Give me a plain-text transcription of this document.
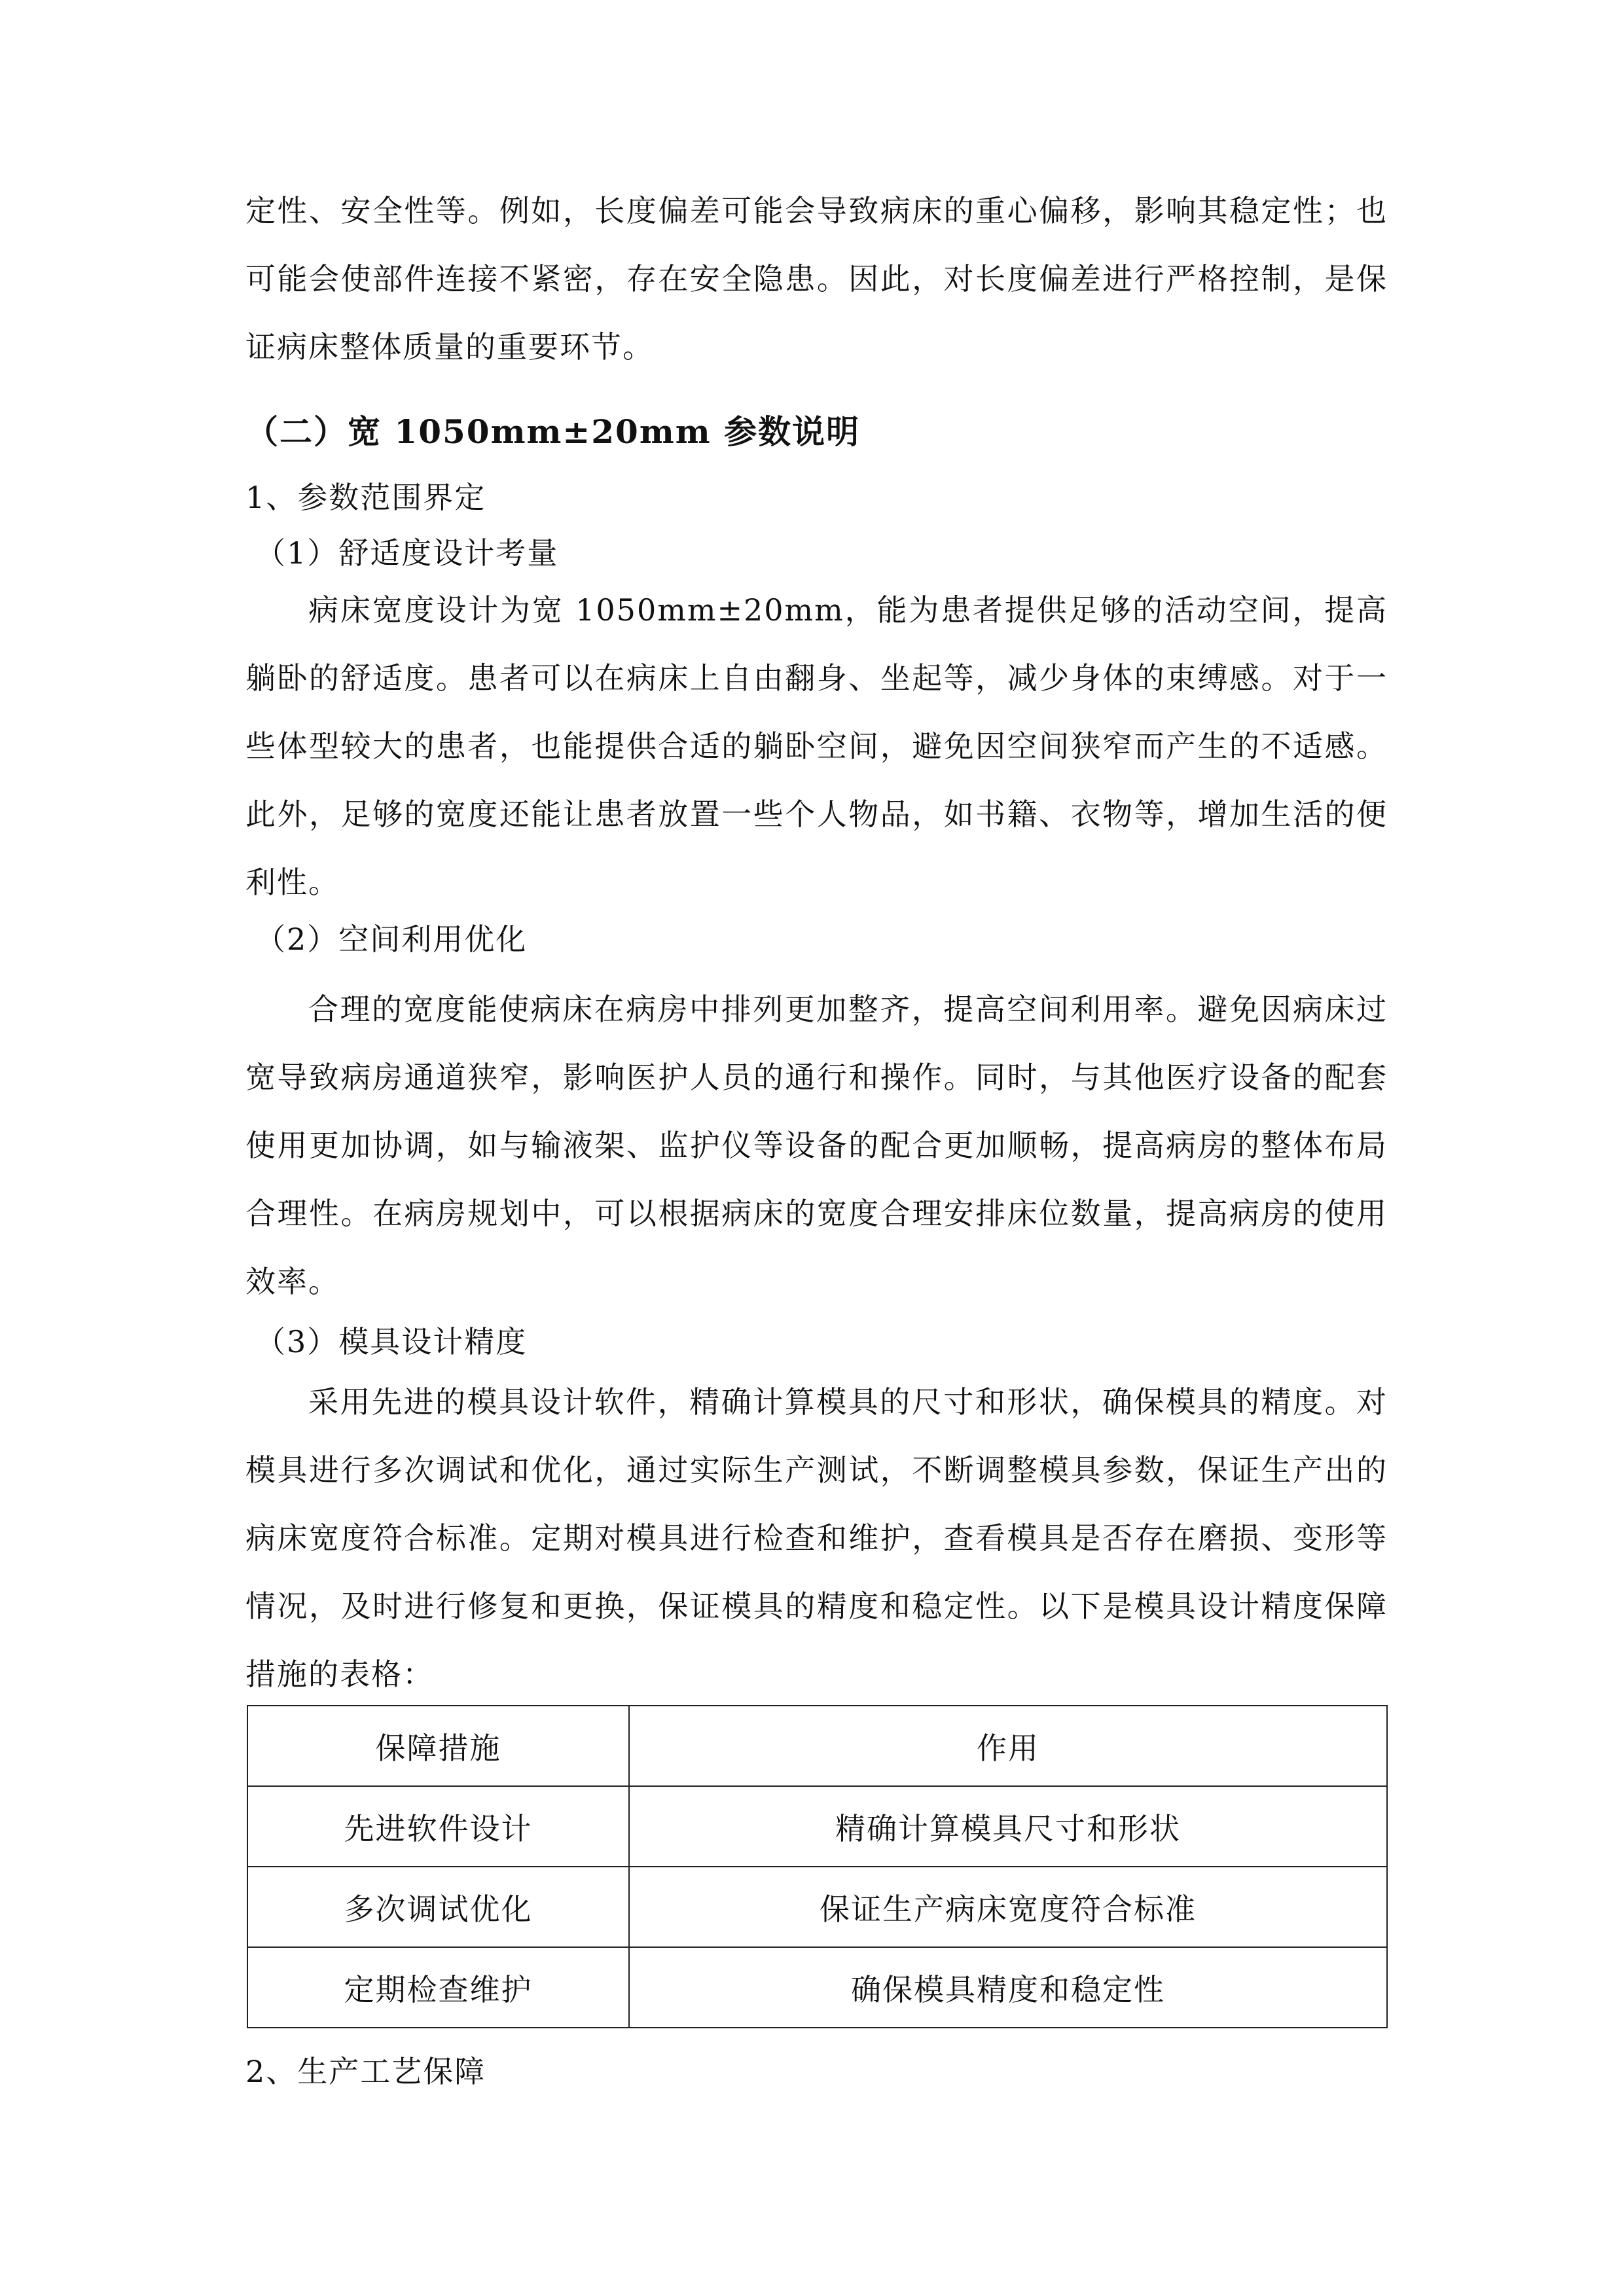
定性、安全性等。例如，长度偏差可能会导致病床的重心偏移，影响其稳定性；也可能会使部件连接不紧密，存在安全隐患。因此，对长度偏差进行严格控制，是保证病床整体质量的重要环节。

（二）宽 1050mm±20mm 参数说明
1、参数范围界定
（1）舒适度设计考量

病床宽度设计为宽 1050mm±20mm，能为患者提供足够的活动空间，提高躺卧的舒适度。患者可以在病床上自由翻身、坐起等，减少身体的束缚感。对于一些体型较大的患者，也能提供合适的躺卧空间，避免因空间狭窄而产生的不适感。此外，足够的宽度还能让患者放置一些个人物品，如书籍、衣物等，增加生活的便利性。

（2）空间利用优化

合理的宽度能使病床在病房中排列更加整齐，提高空间利用率。避免因病床过宽导致病房通道狭窄，影响医护人员的通行和操作。同时，与其他医疗设备的配套使用更加协调，如与输液架、监护仪等设备的配合更加顺畅，提高病房的整体布局合理性。在病房规划中，可以根据病床的宽度合理安排床位数量，提高病房的使用效率。

（3）模具设计精度

采用先进的模具设计软件，精确计算模具的尺寸和形状，确保模具的精度。对模具进行多次调试和优化，通过实际生产测试，不断调整模具参数，保证生产出的病床宽度符合标准。定期对模具进行检查和维护，查看模具是否存在磨损、变形等情况，及时进行修复和更换，保证模具的精度和稳定性。以下是模具设计精度保障措施的表格：

保障措施	作用
先进软件设计	精确计算模具尺寸和形状
多次调试优化	保证生产病床宽度符合标准
定期检查维护	确保模具精度和稳定性
2、生产工艺保障
